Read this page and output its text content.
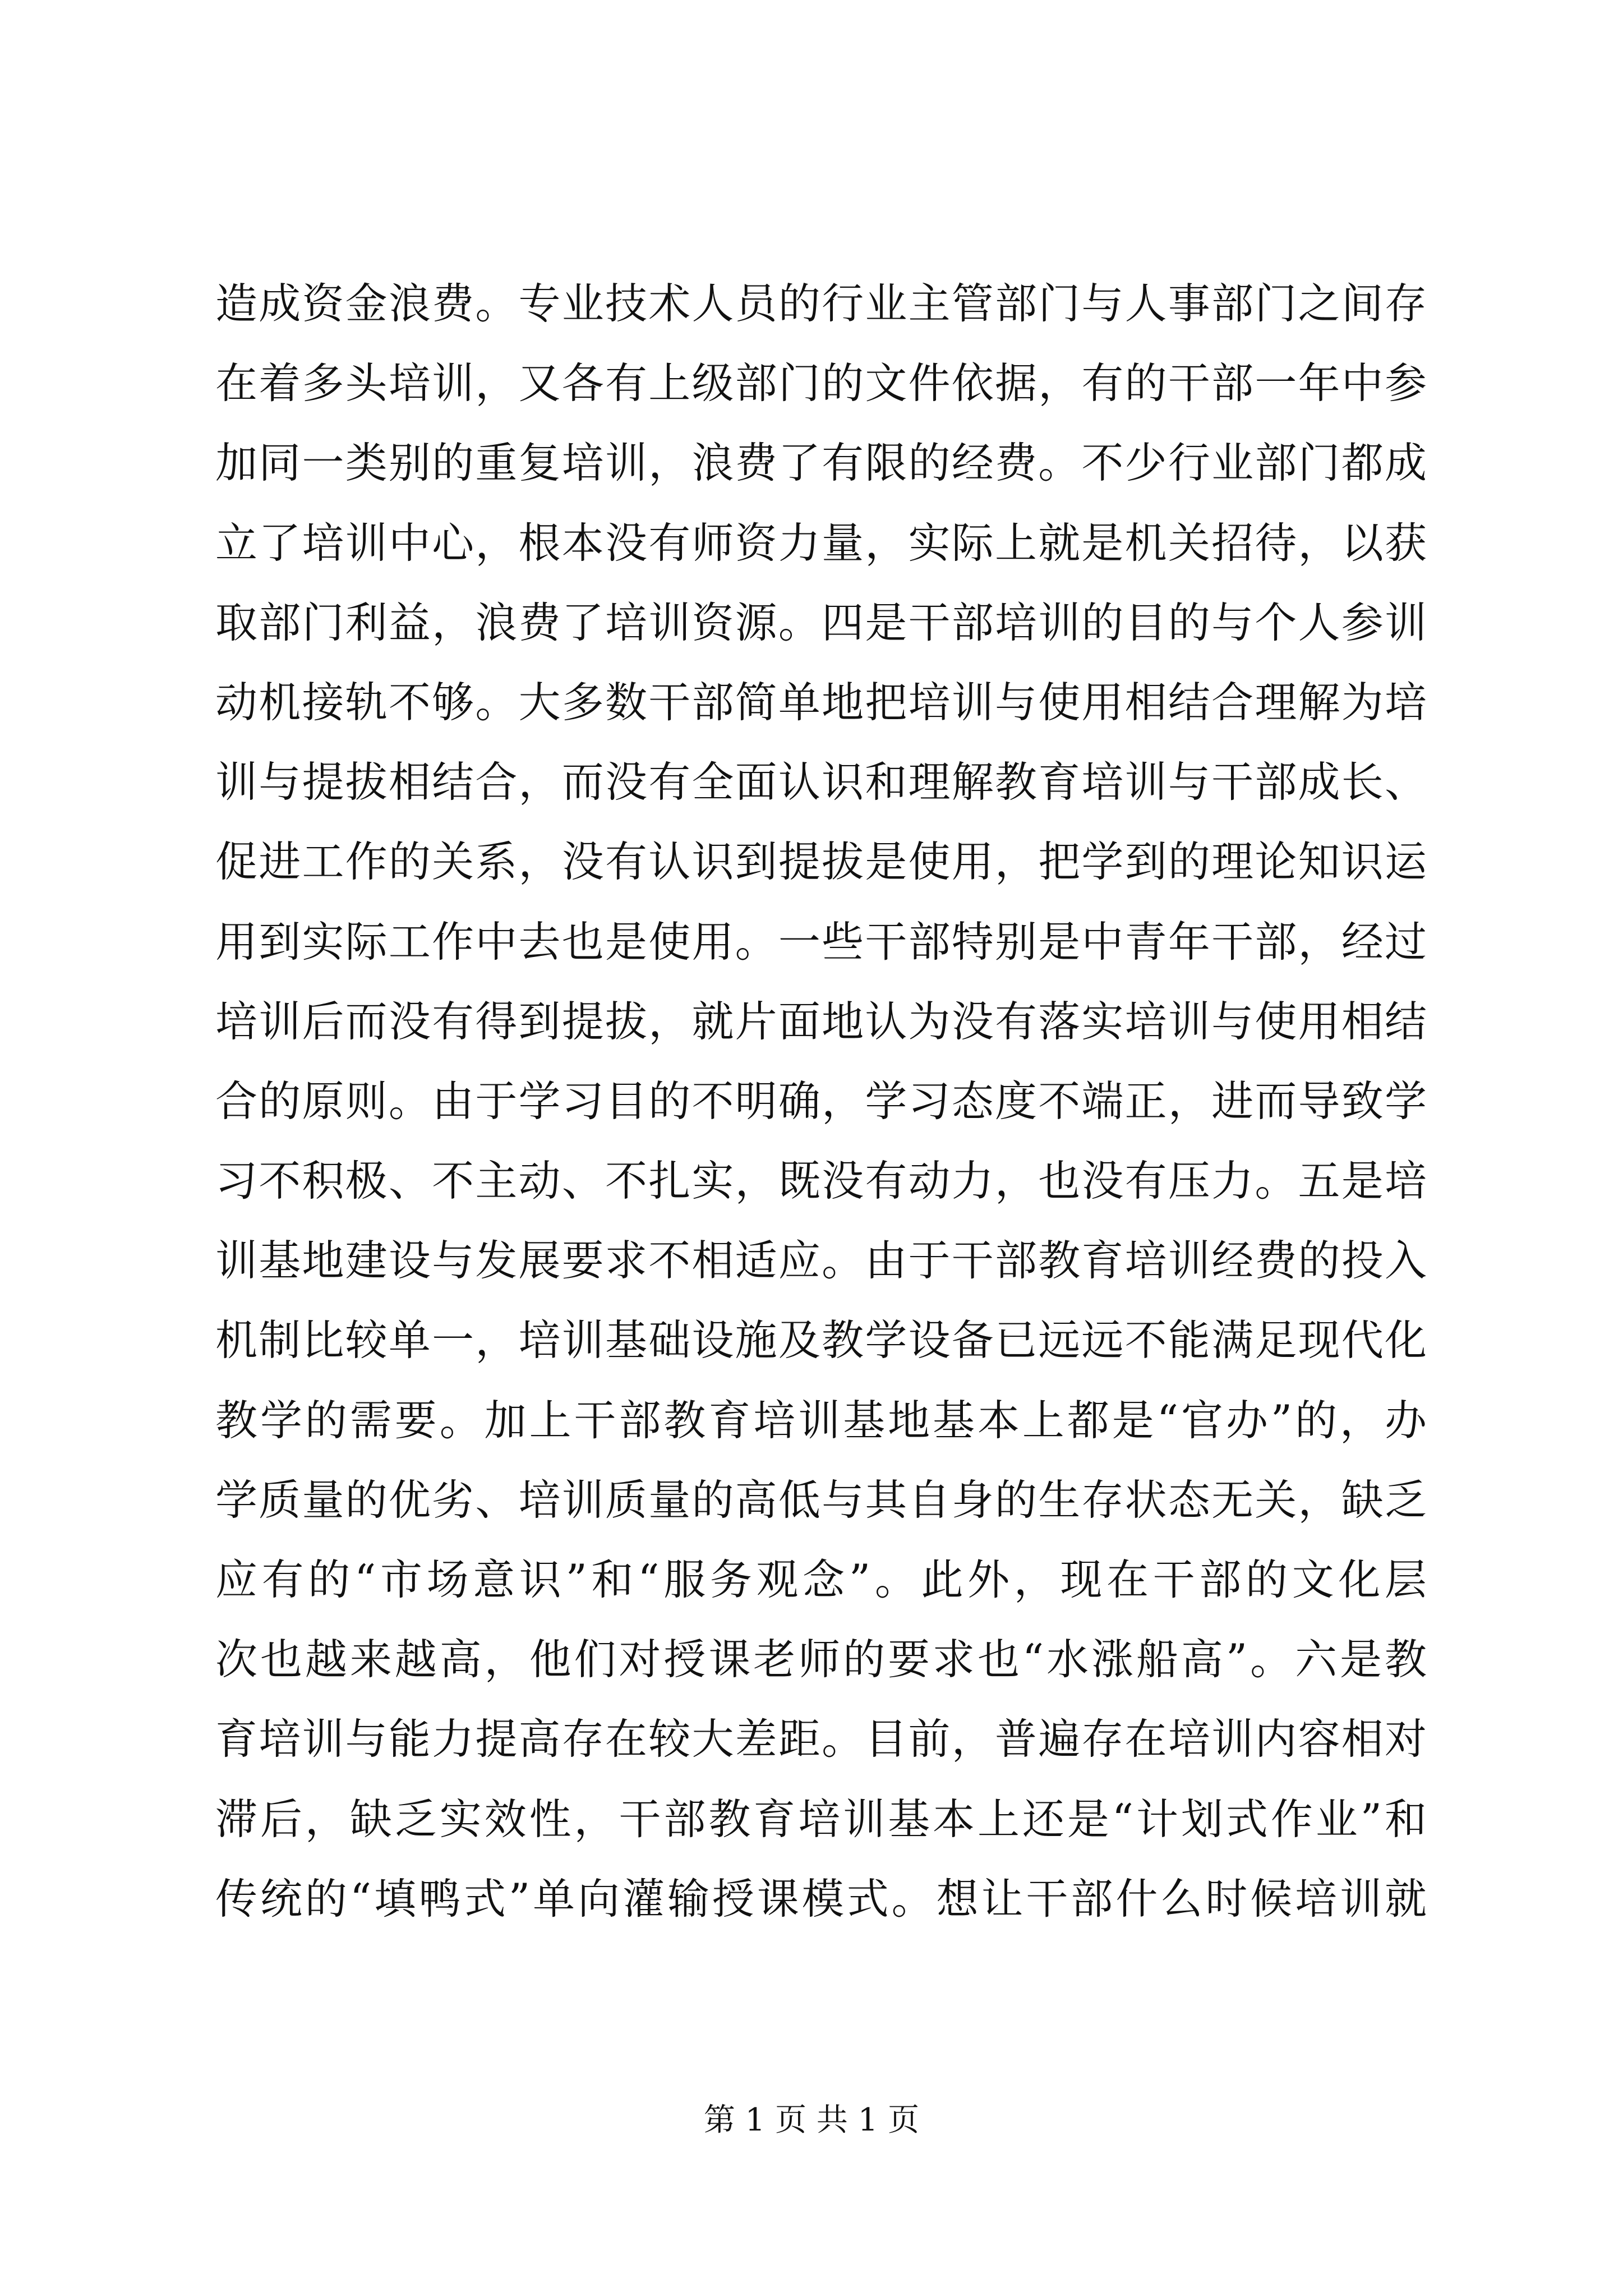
造成资金浪费。专业技术人员的行业主管部门与人事部门之间存
在着多头培训，又各有上级部门的文件依据，有的干部一年中参
加同一类别的重复培训，浪费了有限的经费。不少行业部门都成
立了培训中心，根本没有师资力量，实际上就是机关招待，以获
取部门利益，浪费了培训资源。四是干部培训的目的与个人参训
动机接轨不够。大多数干部简单地把培训与使用相结合理解为培
训与提拔相结合，而没有全面认识和理解教育培训与干部成长、
促进工作的关系，没有认识到提拔是使用，把学到的理论知识运
用到实际工作中去也是使用。一些干部特别是中青年干部，经过
培训后而没有得到提拔，就片面地认为没有落实培训与使用相结
合的原则。由于学习目的不明确，学习态度不端正，进而导致学
习不积极、不主动、不扎实，既没有动力，也没有压力。五是培
训基地建设与发展要求不相适应。由于干部教育培训经费的投入
机制比较单一，培训基础设施及教学设备已远远不能满足现代化
教学的需要。加上干部教育培训基地基本上都是“官办”的，办
学质量的优劣、培训质量的高低与其自身的生存状态无关，缺乏
应有的“市场意识”和“服务观念”。此外，现在干部的文化层
次也越来越高，他们对授课老师的要求也“水涨船高”。六是教
育培训与能力提高存在较大差距。目前，普遍存在培训内容相对
滞后，缺乏实效性，干部教育培训基本上还是“计划式作业”和
传统的“填鸭式”单向灌输授课模式。想让干部什么时候培训就
第 1 页 共 1 页
